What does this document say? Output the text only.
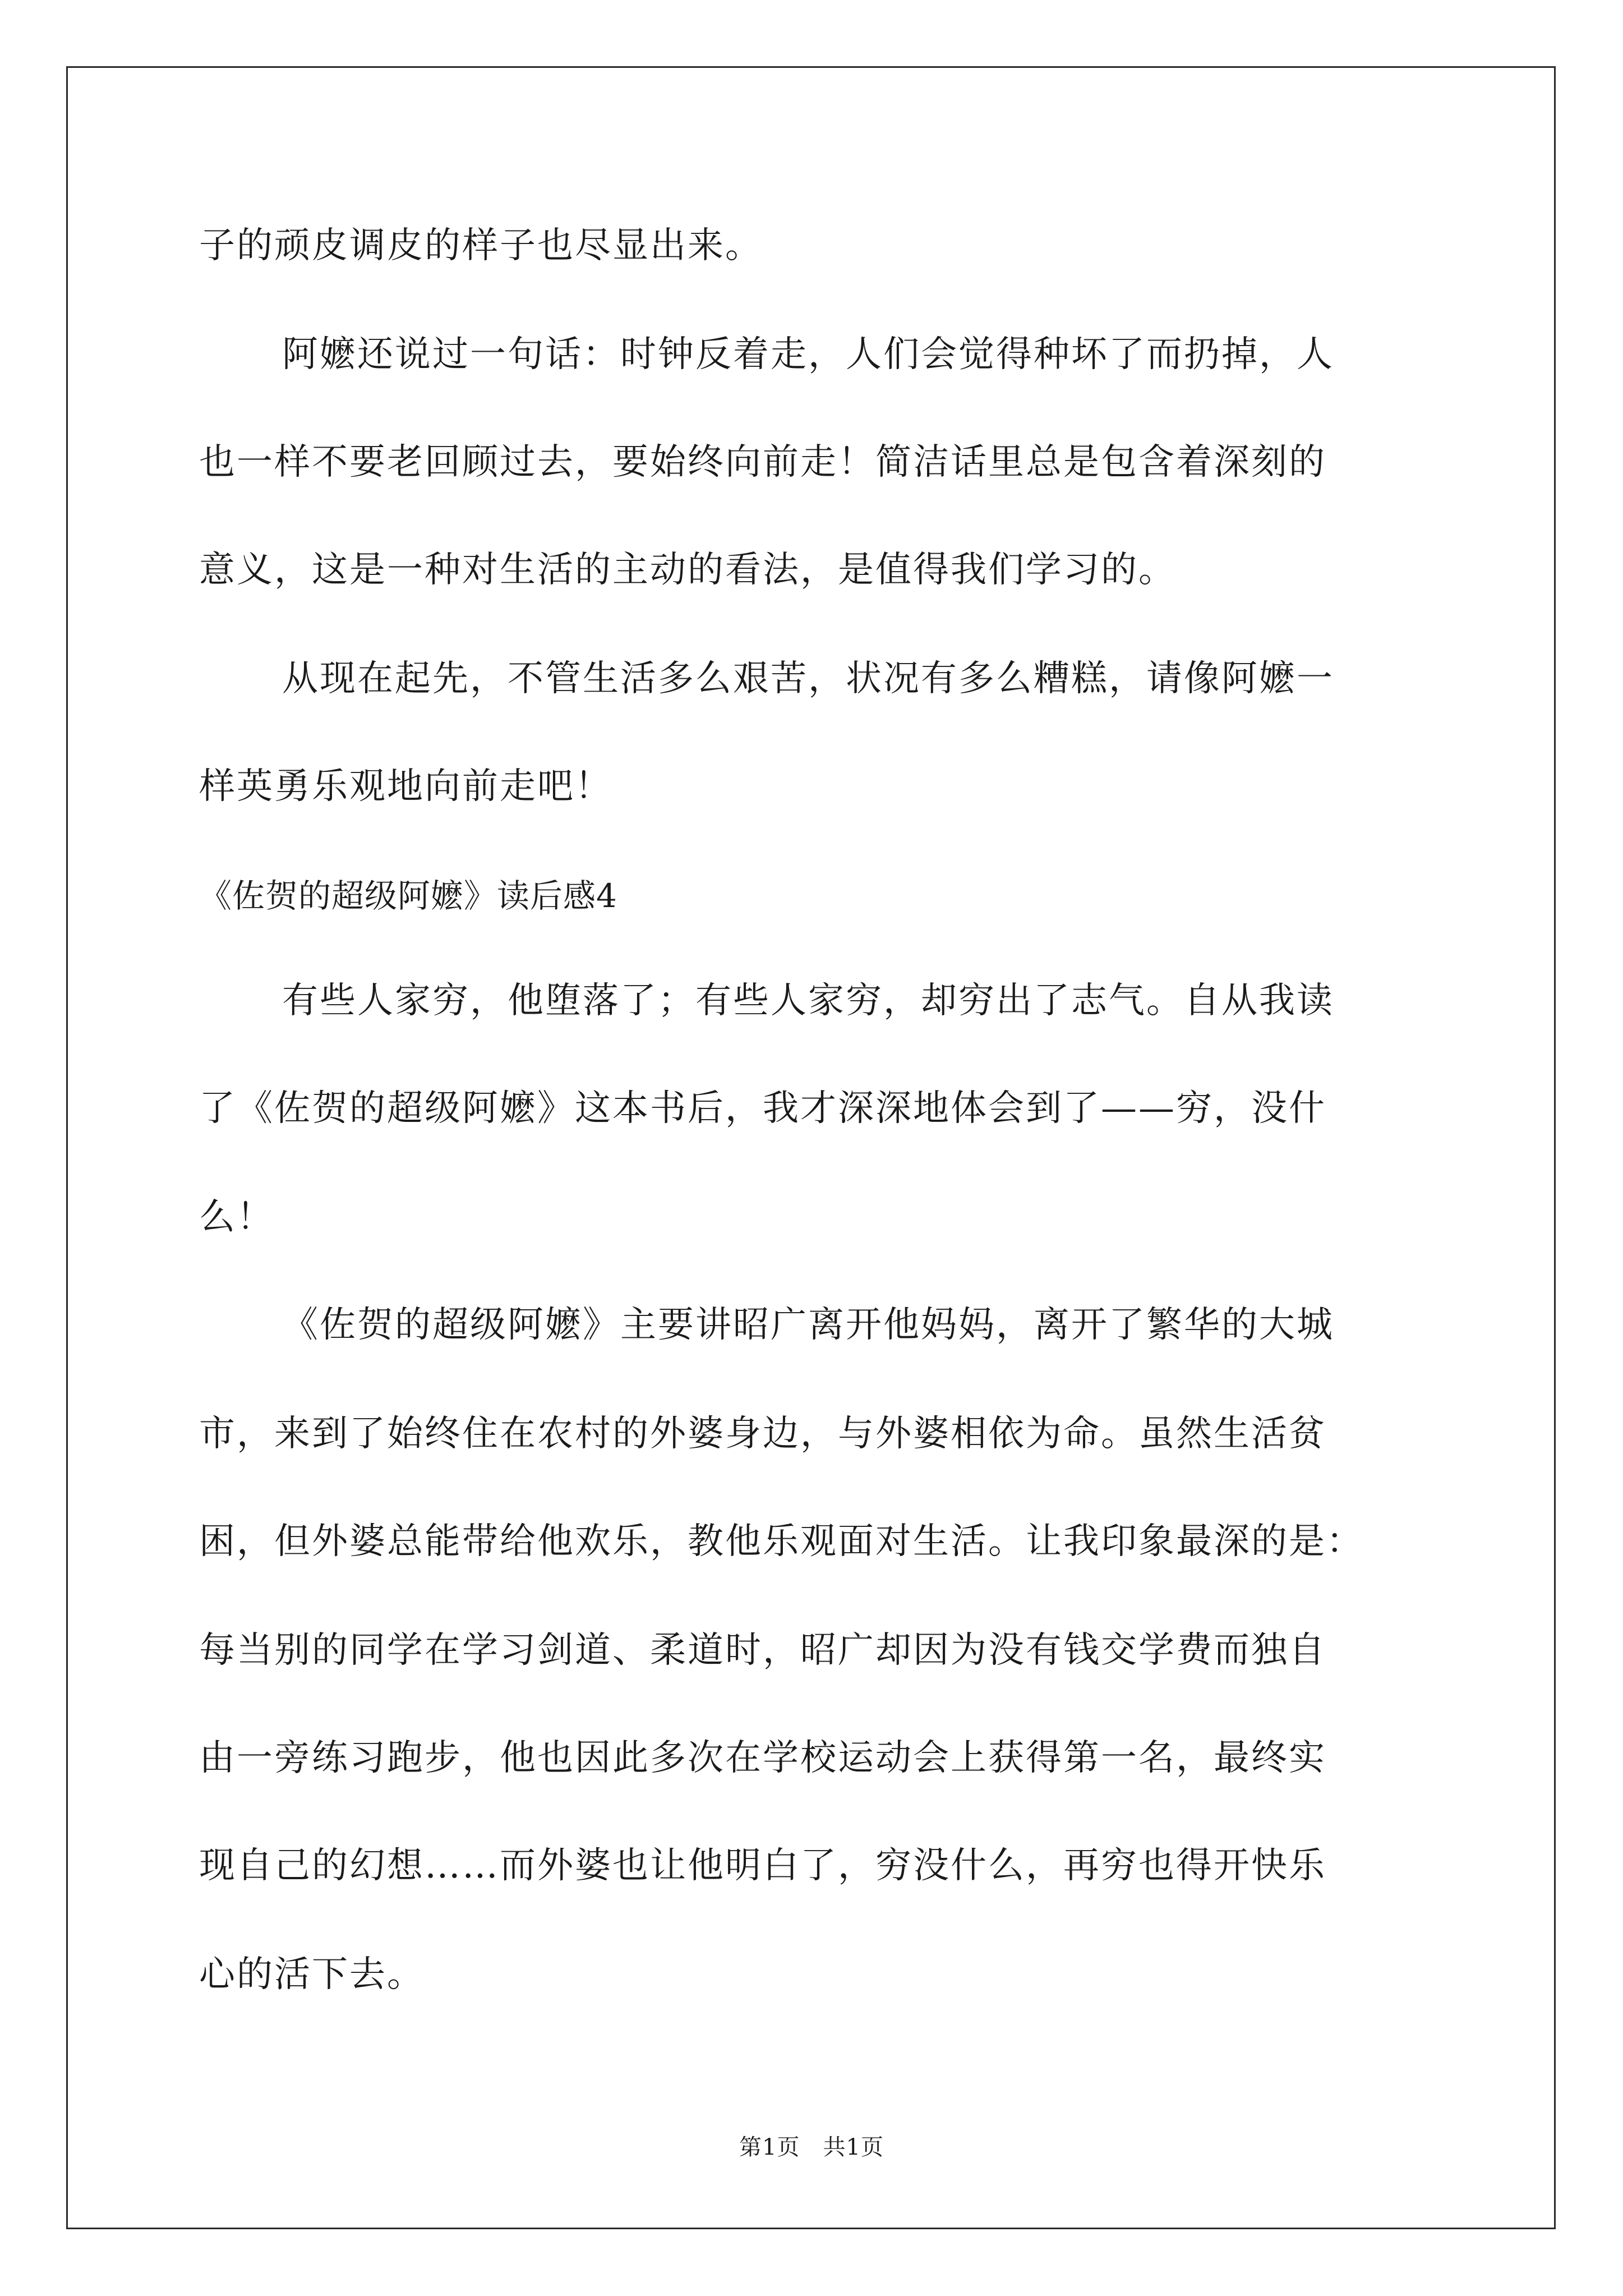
子的顽皮调皮的样子也尽显出来。
阿嬷还说过一句话：时钟反着走，人们会觉得种坏了而扔掉，人
也一样不要老回顾过去，要始终向前走！简洁话里总是包含着深刻的
意义，这是一种对生活的主动的看法，是值得我们学习的。
从现在起先，不管生活多么艰苦，状况有多么糟糕，请像阿嬷一
样英勇乐观地向前走吧！
《佐贺的超级阿嬷》读后感4
有些人家穷，他堕落了；有些人家穷，却穷出了志气。自从我读
了《佐贺的超级阿嬷》这本书后，我才深深地体会到了——穷，没什
么！
《佐贺的超级阿嬷》主要讲昭广离开他妈妈，离开了繁华的大城
市，来到了始终住在农村的外婆身边，与外婆相依为命。虽然生活贫
困，但外婆总能带给他欢乐，教他乐观面对生活。让我印象最深的是：
每当别的同学在学习剑道、柔道时，昭广却因为没有钱交学费而独自
由一旁练习跑步，他也因此多次在学校运动会上获得第一名，最终实
现自己的幻想……而外婆也让他明白了，穷没什么，再穷也得开快乐
心的活下去。
第1页　共1页
